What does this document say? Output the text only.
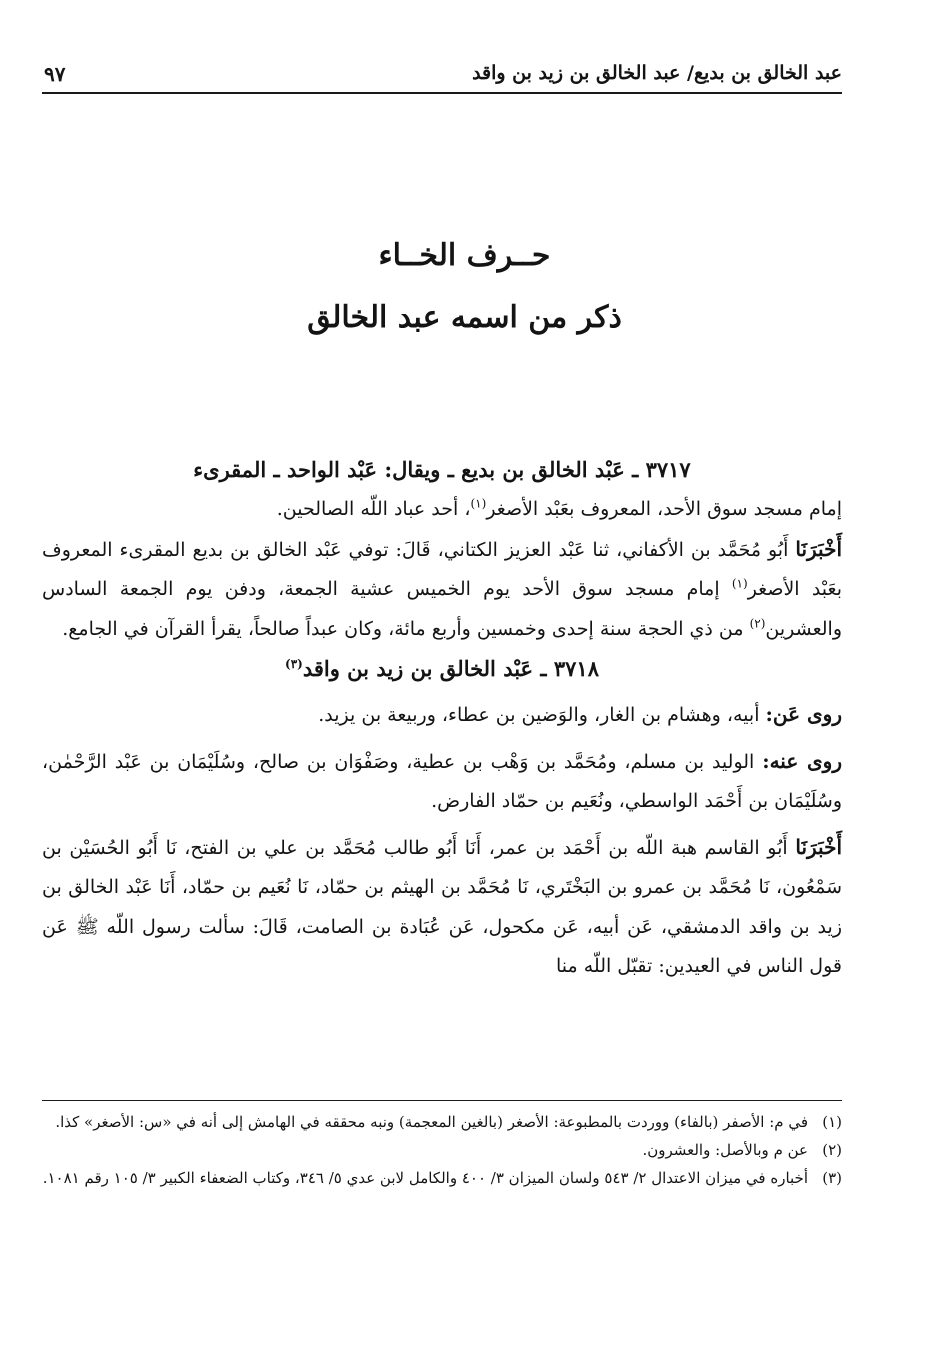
عبد الخالق بن بديع/ عبد الخالق بن زيد بن واقد
٩٧
حــرف الخــاء
ذكر من اسمه عبد الخالق

٣٧١٧ ـ عَبْد الخالق بن بديع ـ ويقال: عَبْد الواحد ـ المقرىء

إمام مسجد سوق الأحد، المعروف بعَبْد الأصغر$^{(١)}$، أحد عباد اللّه الصالحين.

أَخْبَرَنَا أَبُو مُحَمَّد بن الأكفاني، ثنا عَبْد العزيز الكتاني، قَالَ: توفي عَبْد الخالق بن بديع المقرىء المعروف بعَبْد الأصغر$^{(١)}$ إمام مسجد سوق الأحد يوم الخميس عشية الجمعة، ودفن يوم الجمعة السادس والعشرين$^{(٢)}$ من ذي الحجة سنة إحدى وخمسين وأربع مائة، وكان عبداً صالحاً، يقرأ القرآن في الجامع.

٣٧١٨ ـ عَبْد الخالق بن زيد بن واقد$^{(٣)}$

روى عَن: أبيه، وهشام بن الغار، والوَضين بن عطاء، وربيعة بن يزيد.

روى عنه: الوليد بن مسلم، ومُحَمَّد بن وَهْب بن عطية، وصَفْوَان بن صالح، وسُلَيْمَان بن عَبْد الرَّحْمٰن، وسُلَيْمَان بن أَحْمَد الواسطي، ونُعَيم بن حمّاد الفارض.

أَخْبَرَنَا أَبُو القاسم هبة اللّه بن أَحْمَد بن عمر، أَنَا أَبُو طالب مُحَمَّد بن علي بن الفتح، نَا أَبُو الحُسَيْن بن سَمْعُون، نَا مُحَمَّد بن عمرو بن البَخْتَري، نَا مُحَمَّد بن الهيثم بن حمّاد، نَا نُعَيم بن حمّاد، أَنَا عَبْد الخالق بن زيد بن واقد الدمشقي، عَن أبيه، عَن مكحول، عَن عُبَادة بن الصامت، قَالَ: سألت رسول اللّه ﷺ عَن قول الناس في العيدين: تقبّل اللّه منا

(١)
في م: الأصفر (بالفاء) ووردت بالمطبوعة: الأصغر (بالغين المعجمة) ونبه محققه في الهامش إلى أنه في «س: الأصغر» كذا.
(٢)
عن م وبالأصل: والعشرون.
(٣)
أخباره في ميزان الاعتدال ٢/ ٥٤٣ ولسان الميزان ٣/ ٤٠٠ والكامل لابن عدي ٥/ ٣٤٦، وكتاب الضعفاء الكبير ٣/ ١٠٥ رقم ١٠٨١.
